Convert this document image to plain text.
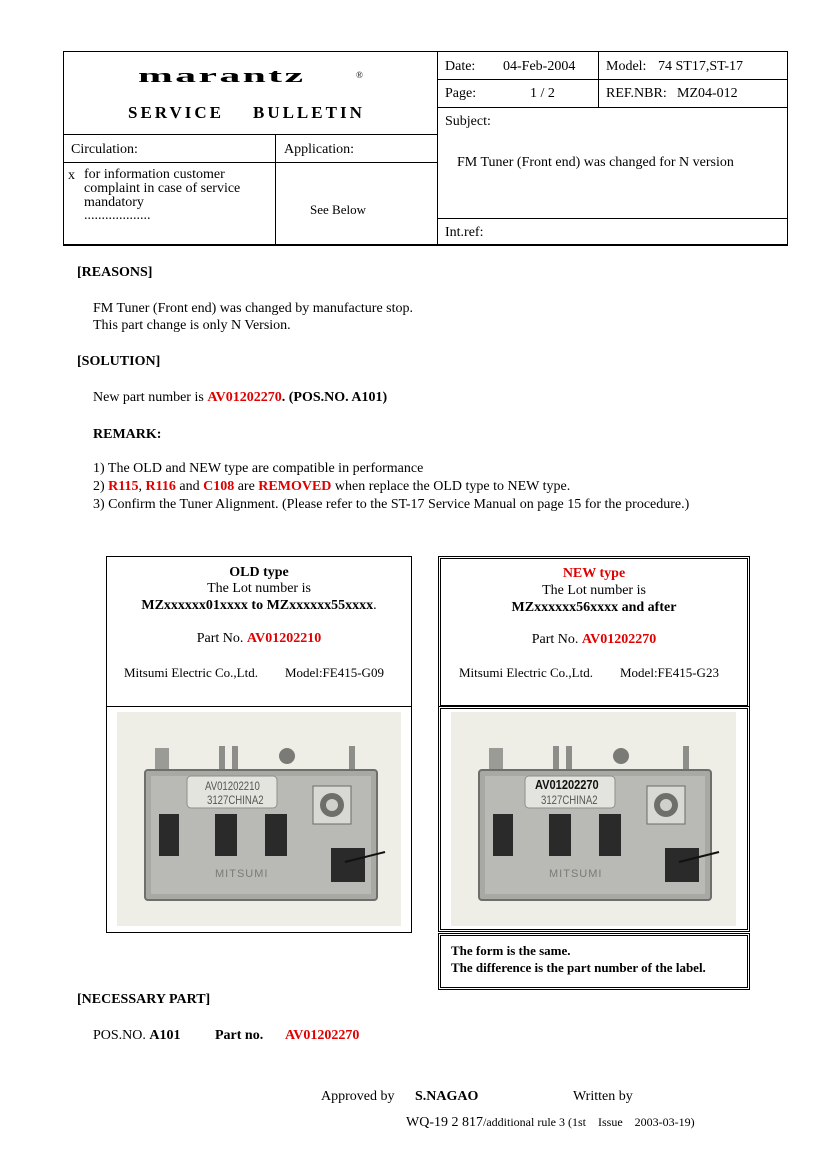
marantz	®
SERVICE    BULLETIN
Date: 04-Feb-2004 Model: 74 ST17,ST-17
Page:	1 / 2	REF.NBR: MZ04-012
Subject:
FM Tuner (Front end) was changed for N version
Int.ref:
Circulation:	Application:
x for information customer
complaint in case of service
mandatory
...................	See Below
[REASONS]
FM Tuner (Front end) was changed by manufacture stop.
This part change is only N Version.
[SOLUTION]
New part number is AV01202270. (POS.NO. A101)
REMARK:
1) The OLD and NEW type are compatible in performance
2) R115, R116 and C108 are REMOVED when replace the OLD type to NEW type.
3) Confirm the Tuner Alignment. (Please refer to the ST-17 Service Manual on page 15 for the procedure.)
OLD type
The Lot number is
MZxxxxxx01xxxx to MZxxxxxx55xxxx.
Part No. AV01202210
Mitsumi Electric Co.,Ltd. Model:FE415-G09
AV01202210
3127CHINA2
MITSUMI
NEW type
The Lot number is
MZxxxxxx56xxxx and after
Part No. AV01202270
Mitsumi Electric Co.,Ltd. Model:FE415-G23
AV01202270
3127CHINA2
MITSUMI
The form is the same.
The difference is the part number of the label.
[NECESSARY PART]
POS.NO. A101 Part no. AV01202270
Approved by S.NAGAO	Written by
WQ-19 2 817/additional rule 3 (1st    Issue    2003-03-19)
